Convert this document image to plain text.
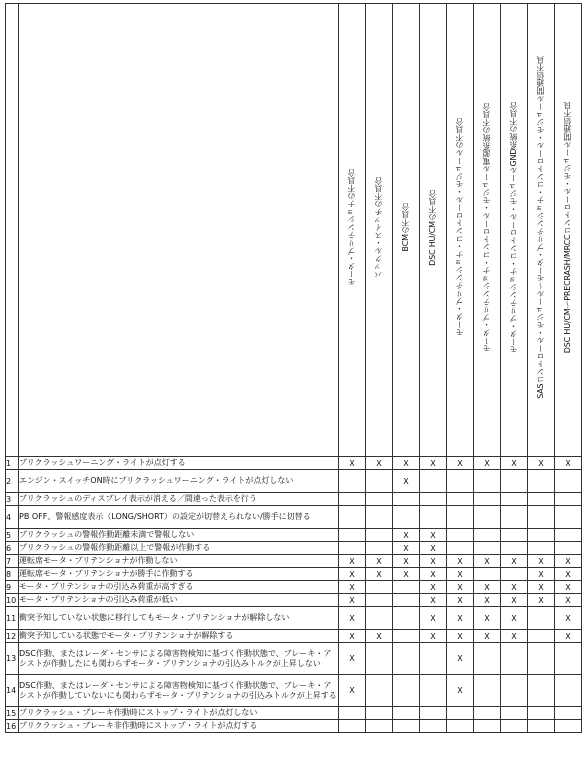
		モータ・プリテンショナの不具合	バックル・スイッチの不具合	BCMの不具合	DSC HU/CMの不具合	モータ・プリテンショナ・コントロール・モジュールの不具合	モータ・プリテンショナ・コントロール・モジュール電源系統の不具合	モータ・プリテンショナ・コントロール・モジュールGND系統の不具合	SASコントロール・モジュール〜モータ・プリテンショナ・コントロール・モジュール間通信不具	DSC HU/CM〜PRECRASH/MRCCコントロール・モジュール間通信不良

1	プリクラッシュワーニング・ライトが点灯する	X	X	X	X	X	X	X	X	X
2	エンジン・スイッチON時にプリクラッシュワーニング・ライトが点灯しない			X						
3	プリクラッシュのディスプレイ表示が消える／間違った表示を行う									
4	PB OFF、警報感度表示（LONG/SHORT）の設定が切替えられない/勝手に切替る									
5	プリクラッシュの警報作動距離未満で警報しない			X	X					
6	プリクラッシュの警報作動距離以上で警報が作動する			X	X					
7	運転席モータ・プリテンショナが作動しない	X	X	X	X	X	X	X	X	X
8	運転席モータ・プリテンショナが勝手に作動する	X	X	X	X	X			X	X
9	モータ・プリテンショナの引込み荷重が高すぎる	X			X	X	X	X	X	X
10	モータ・プリテンショナの引込み荷重が低い	X			X	X	X	X	X	X
11	衝突予知していない状態に移行してもモータ・プリテンショナが解除しない	X			X	X	X	X		X
12	衝突予知している状態でモータ・プリテンショナが解除する	X	X		X	X	X	X		X
13	DSC作動、またはレーダ・センサによる障害物検知に基づく作動状態で、ブレーキ・アシストが作動したにも関わらずモータ・プリテンショナの引込みトルクが上昇しない	X				X				
14	DSC作動、またはレーダ・センサによる障害物検知に基づく作動状態で、ブレーキ・アシストが作動していないにも関わらずモータ・プリテンショナの引込みトルクが上昇する	X				X				
15	プリクラッシュ・ブレーキ作動時にストップ・ライトが点灯しない									
16	プリクラッシュ・ブレーキ非作動時にストップ・ライトが点灯する									
